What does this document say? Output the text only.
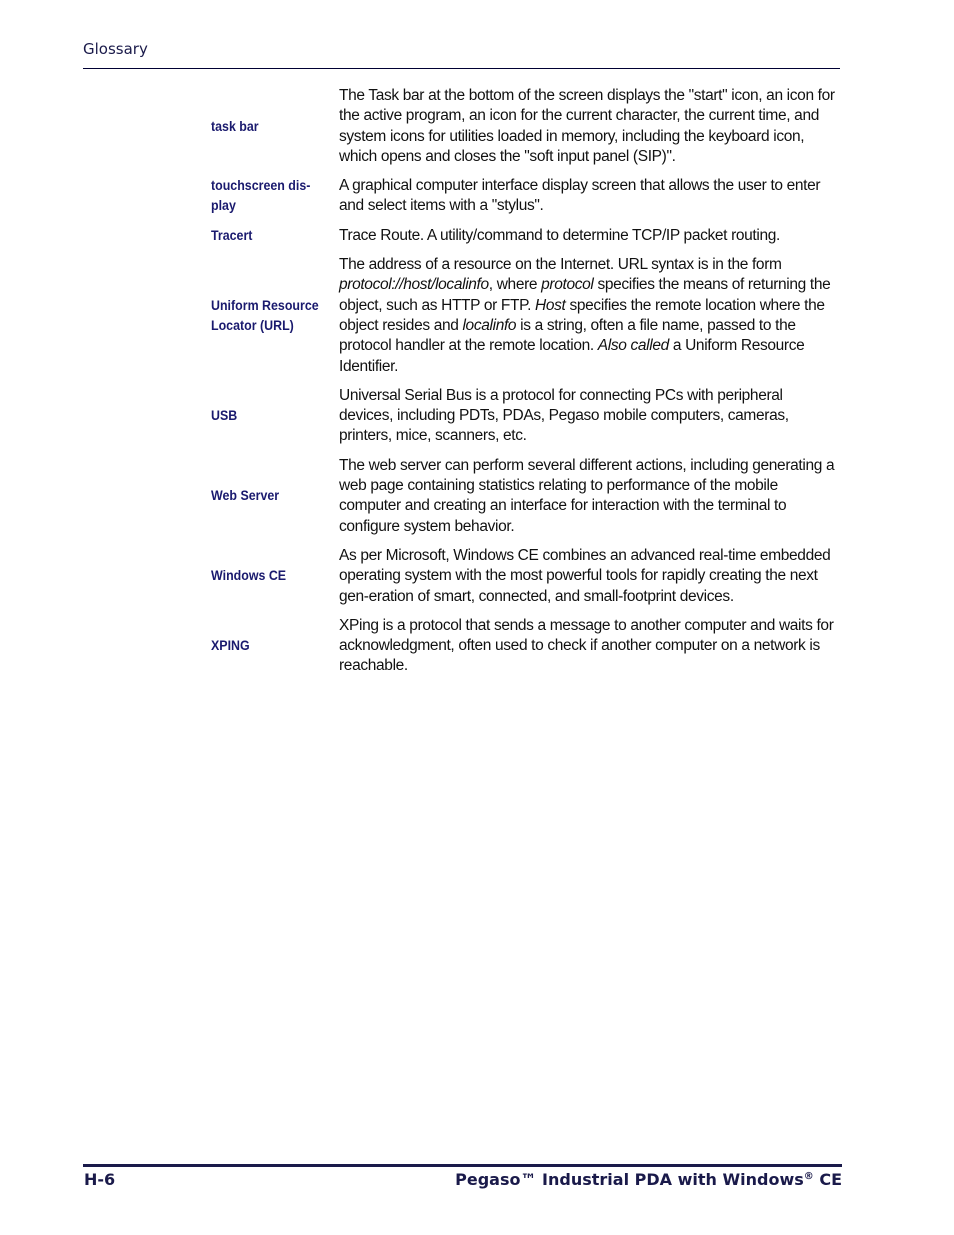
Glossary
task bar
The Task bar at the bottom of the screen displays the "start" icon, an icon for the active program, an icon for the current character, the current time, and system icons for utilities loaded in memory, including the keyboard icon, which opens and closes the "soft input panel (SIP)".
touchscreen dis-play
A graphical computer interface display screen that allows the user to enter and select items with a "stylus".
Tracert	Trace Route. A utility/command to determine TCP/IP packet routing.
Uniform Resource Locator (URL)
The address of a resource on the Internet. URL syntax is in the form protocol://host/localinfo, where protocol specifies the means of returning the object, such as HTTP or FTP. Host specifies the remote location where the object resides and localinfo is a string, often a file name, passed to the protocol handler at the remote location. Also called a Uniform Resource Identifier.
USB
Universal Serial Bus is a protocol for connecting PCs with peripheral devices, including PDTs, PDAs, Pegaso mobile computers, cameras, printers, mice, scanners, etc.
Web Server
The web server can perform several different actions, including generating a web page containing statistics relating to performance of the mobile computer and creating an interface for interaction with the terminal to configure system behavior.
Windows CE
As per Microsoft, Windows CE combines an advanced real-time embedded operating system with the most powerful tools for rapidly creating the next gen-eration of smart, connected, and small-footprint devices.
XPING
XPing is a protocol that sends a message to another computer and waits for acknowledgment, often used to check if another computer on a network is reachable.
H-6	Pegaso™ Industrial PDA with Windows® CE
